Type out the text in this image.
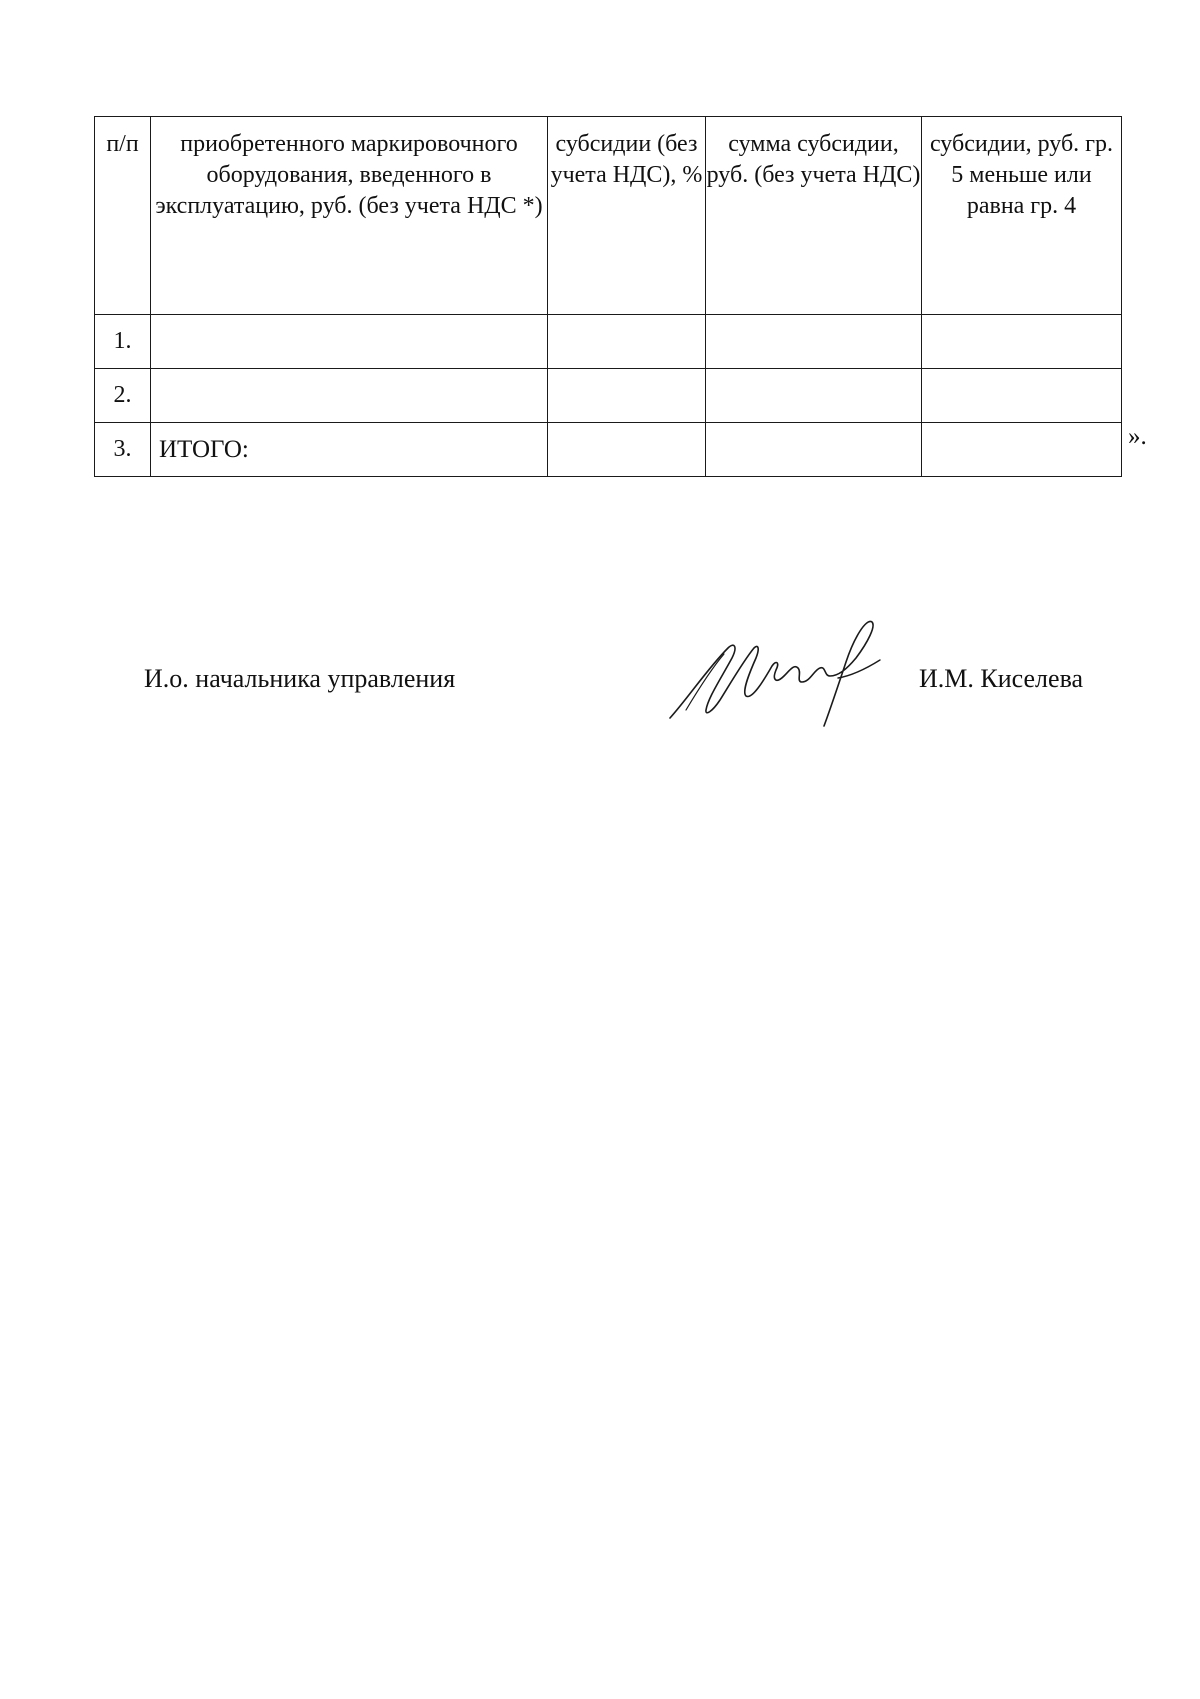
п/п	приобретенного маркировочного оборудования, введенного в эксплуатацию, руб. (без учета НДС *)	субсидии (без учета НДС), %	сумма субсидии, руб. (без учета НДС)	субсидии, руб. гр. 5 меньше или равна гр. 4
1.				
2.				
3.	ИТОГО:				».
И.о. начальника управления	И.М. Киселева
